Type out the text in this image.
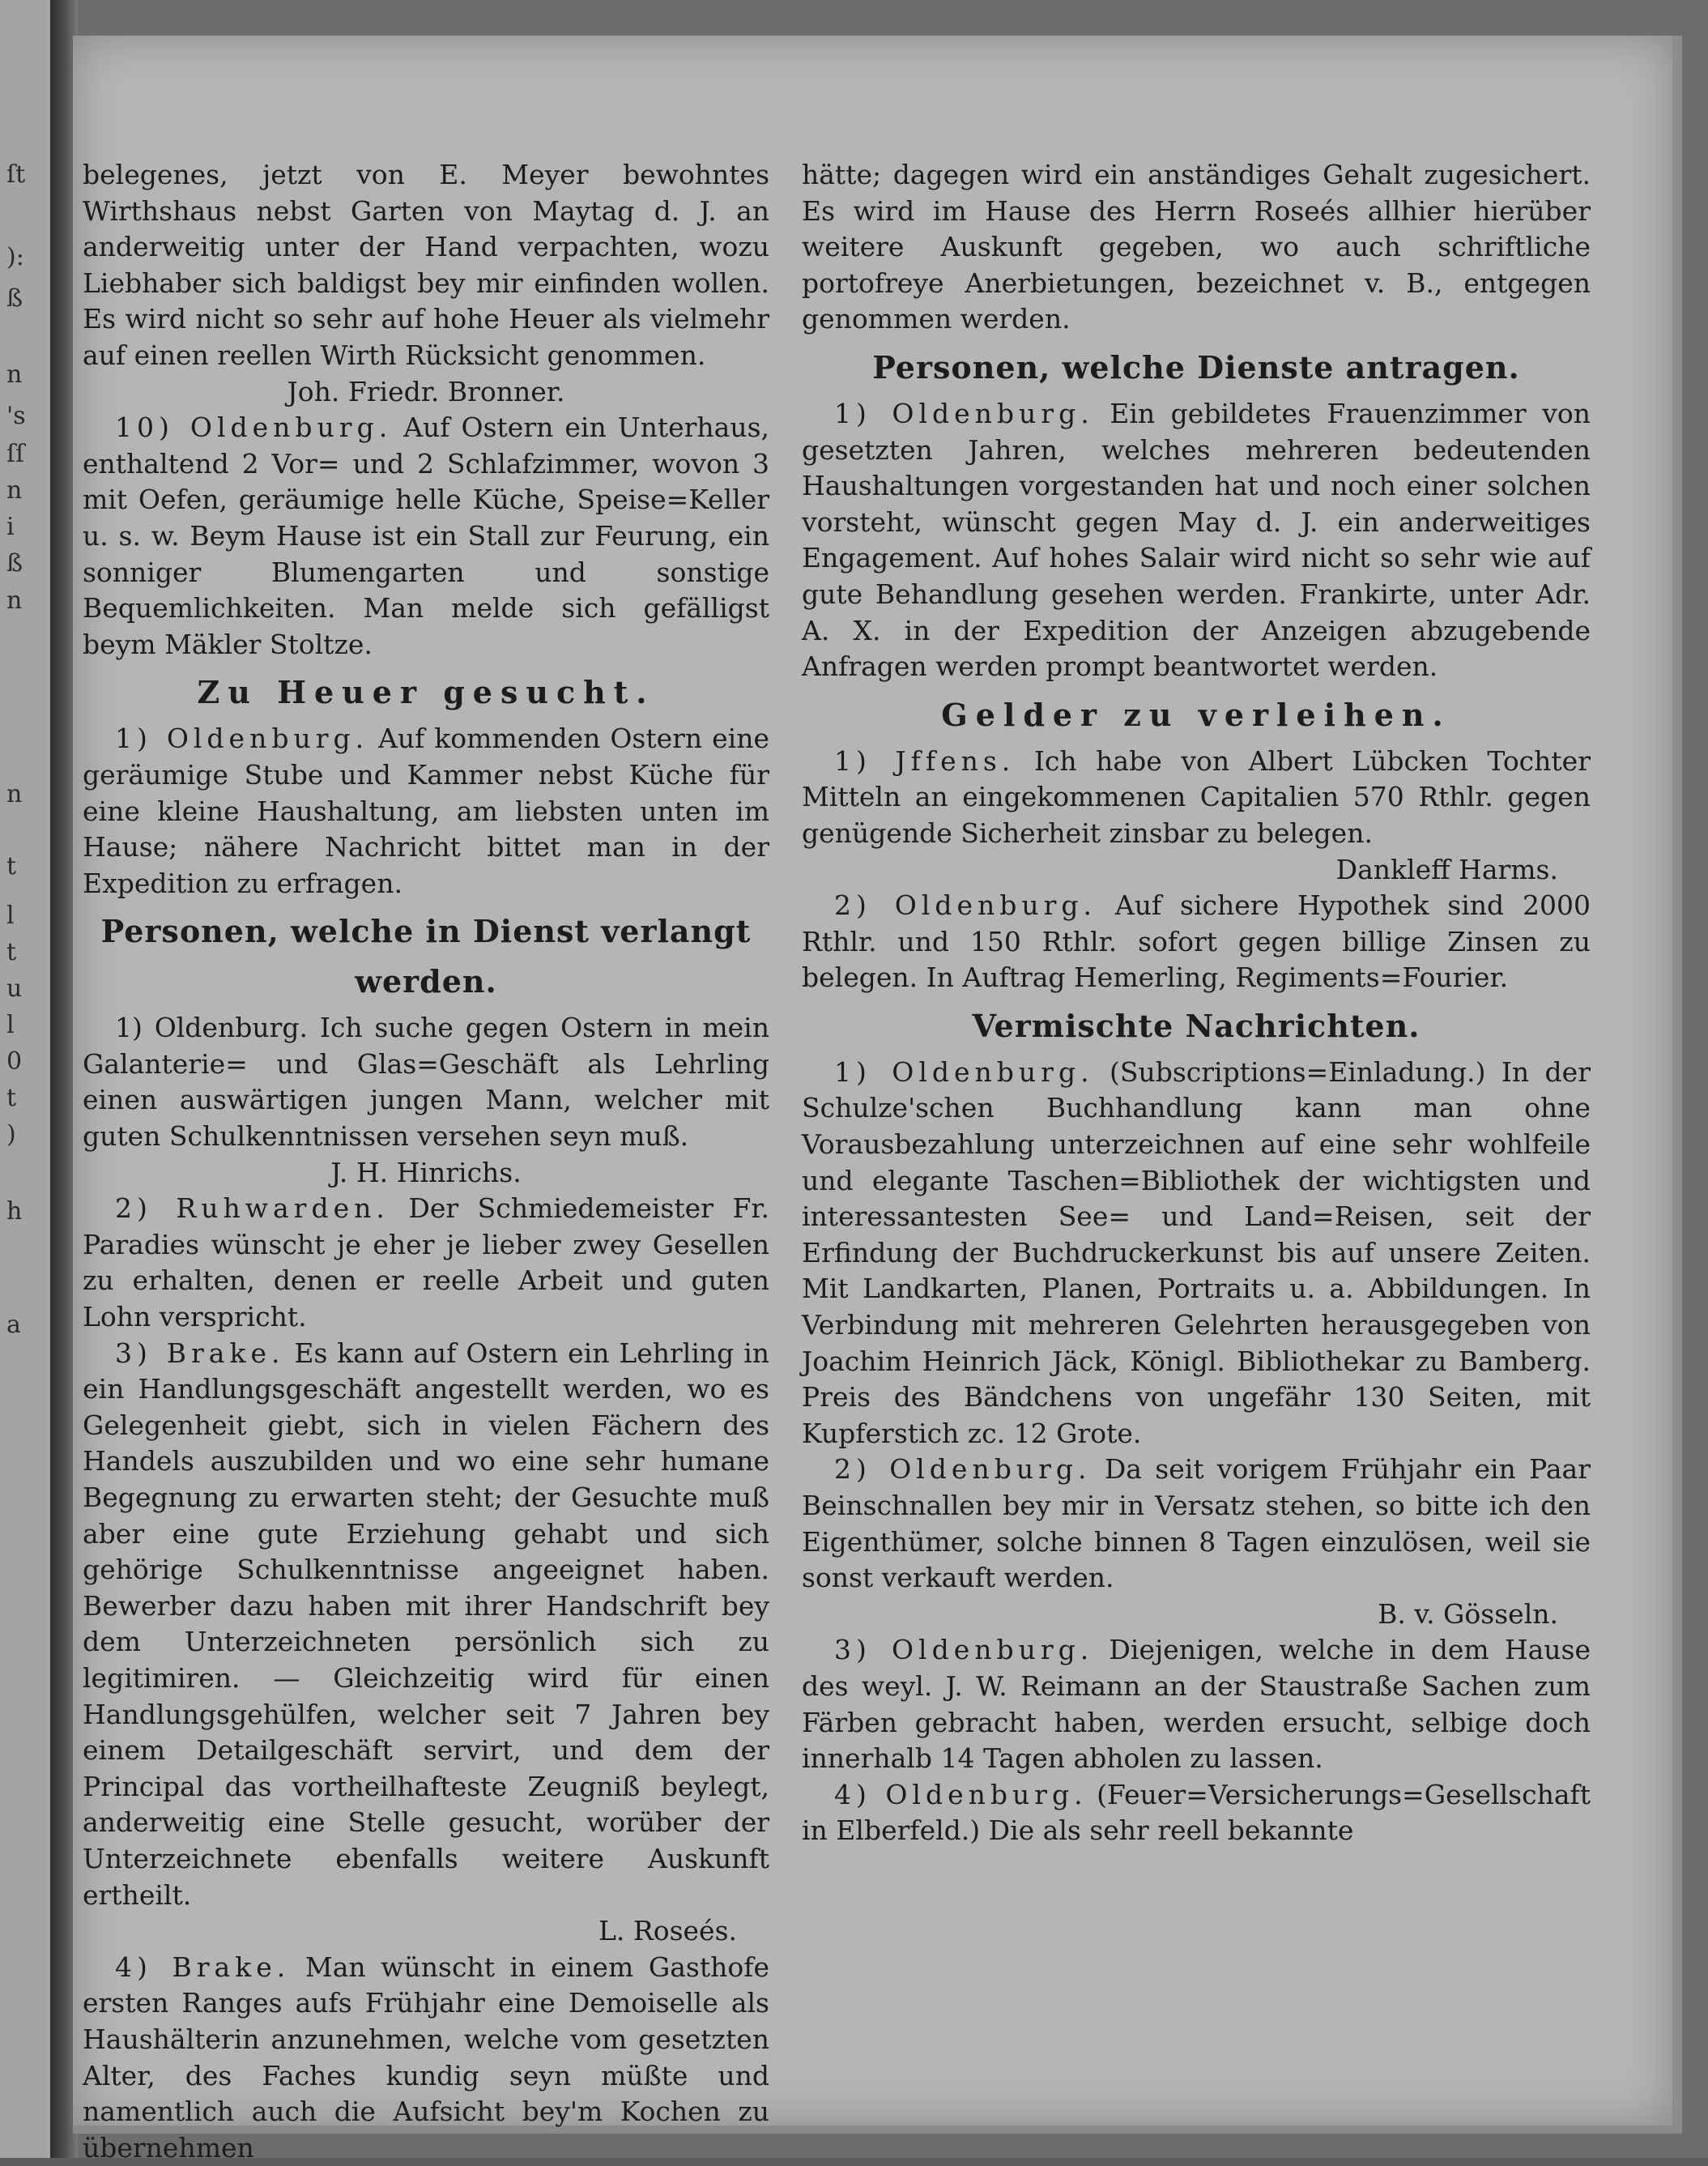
ſt
):
ß
n
's
ſſ
n
i
ß
n
n
t
l
t
u
l
0
t
)
h
a

belegenes, jetzt von E. Meyer bewohntes Wirthshaus nebst Garten von Maytag d. J. an anderweitig unter der Hand verpachten, wozu Liebhaber sich baldigst bey mir einfinden wollen. Es wird nicht so sehr auf hohe Heuer als vielmehr auf einen reellen Wirth Rücksicht genommen.

Joh. Friedr. Bronner.

10) Oldenburg. Auf Ostern ein Unterhaus, enthaltend 2 Vor= und 2 Schlafzimmer, wovon 3 mit Oefen, geräumige helle Küche, Speise=Keller u. s. w. Beym Hause ist ein Stall zur Feurung, ein sonniger Blumengarten und sonstige Bequemlichkeiten. Man melde sich gefälligst beym Mäkler Stoltze.

Zu Heuer gesucht.

1) Oldenburg. Auf kommenden Ostern eine geräumige Stube und Kammer nebst Küche für eine kleine Haushaltung, am liebsten unten im Hause; nähere Nachricht bittet man in der Expedition zu erfragen.

Personen, welche in Dienst verlangt werden.

1) Oldenburg. Ich suche gegen Ostern in mein Galanterie= und Glas=Geschäft als Lehrling einen auswärtigen jungen Mann, welcher mit guten Schulkenntnissen versehen seyn muß.

J. H. Hinrichs.

2) Ruhwarden. Der Schmiedemeister Fr. Paradies wünscht je eher je lieber zwey Gesellen zu erhalten, denen er reelle Arbeit und guten Lohn verspricht.

3) Brake. Es kann auf Ostern ein Lehrling in ein Handlungsgeschäft angestellt werden, wo es Gelegenheit giebt, sich in vielen Fächern des Handels auszubilden und wo eine sehr humane Begegnung zu erwarten steht; der Gesuchte muß aber eine gute Erziehung gehabt und sich gehörige Schulkenntnisse angeeignet haben. Bewerber dazu haben mit ihrer Handschrift bey dem Unterzeichneten persönlich sich zu legitimiren. — Gleichzeitig wird für einen Handlungsgehülfen, welcher seit 7 Jahren bey einem Detailgeschäft servirt, und dem der Principal das vortheilhafteste Zeugniß beylegt, anderweitig eine Stelle gesucht, worüber der Unterzeichnete ebenfalls weitere Auskunft ertheilt.

L. Roseés.

4) Brake. Man wünscht in einem Gasthofe ersten Ranges aufs Frühjahr eine Demoiselle als Haushälterin anzunehmen, welche vom gesetzten Alter, des Faches kundig seyn müßte und namentlich auch die Aufsicht bey'm Kochen zu übernehmen

hätte; dagegen wird ein anständiges Gehalt zugesichert. Es wird im Hause des Herrn Roseés allhier hierüber weitere Auskunft gegeben, wo auch schriftliche portofreye Anerbietungen, bezeichnet v. B., entgegen genommen werden.

Personen, welche Dienste antragen.

1) Oldenburg. Ein gebildetes Frauenzimmer von gesetzten Jahren, welches mehreren bedeutenden Haushaltungen vorgestanden hat und noch einer solchen vorsteht, wünscht gegen May d. J. ein anderweitiges Engagement. Auf hohes Salair wird nicht so sehr wie auf gute Behandlung gesehen werden. Frankirte, unter Adr. A. X. in der Expedition der Anzeigen abzugebende Anfragen werden prompt beantwortet werden.

Gelder zu verleihen.

1) Jffens. Ich habe von Albert Lübcken Tochter Mitteln an eingekommenen Capitalien 570 Rthlr. gegen genügende Sicherheit zinsbar zu belegen.

Dankleff Harms.

2) Oldenburg. Auf sichere Hypothek sind 2000 Rthlr. und 150 Rthlr. sofort gegen billige Zinsen zu belegen. In Auftrag Hemerling, Regiments=Fourier.

Vermischte Nachrichten.

1) Oldenburg. (Subscriptions=Einladung.) In der Schulze'schen Buchhandlung kann man ohne Vorausbezahlung unterzeichnen auf eine sehr wohlfeile und elegante Taschen=Bibliothek der wichtigsten und interessantesten See= und Land=Reisen, seit der Erfindung der Buchdruckerkunst bis auf unsere Zeiten. Mit Landkarten, Planen, Portraits u. a. Abbildungen. In Verbindung mit mehreren Gelehrten herausgegeben von Joachim Heinrich Jäck, Königl. Bibliothekar zu Bamberg. Preis des Bändchens von ungefähr 130 Seiten, mit Kupferstich zc. 12 Grote.

2) Oldenburg. Da seit vorigem Frühjahr ein Paar Beinschnallen bey mir in Versatz stehen, so bitte ich den Eigenthümer, solche binnen 8 Tagen einzulösen, weil sie sonst verkauft werden.

B. v. Gösseln.

3) Oldenburg. Diejenigen, welche in dem Hause des weyl. J. W. Reimann an der Staustraße Sachen zum Färben gebracht haben, werden ersucht, selbige doch innerhalb 14 Tagen abholen zu lassen.

4) Oldenburg. (Feuer=Versicherungs=Gesellschaft in Elberfeld.) Die als sehr reell bekannte
